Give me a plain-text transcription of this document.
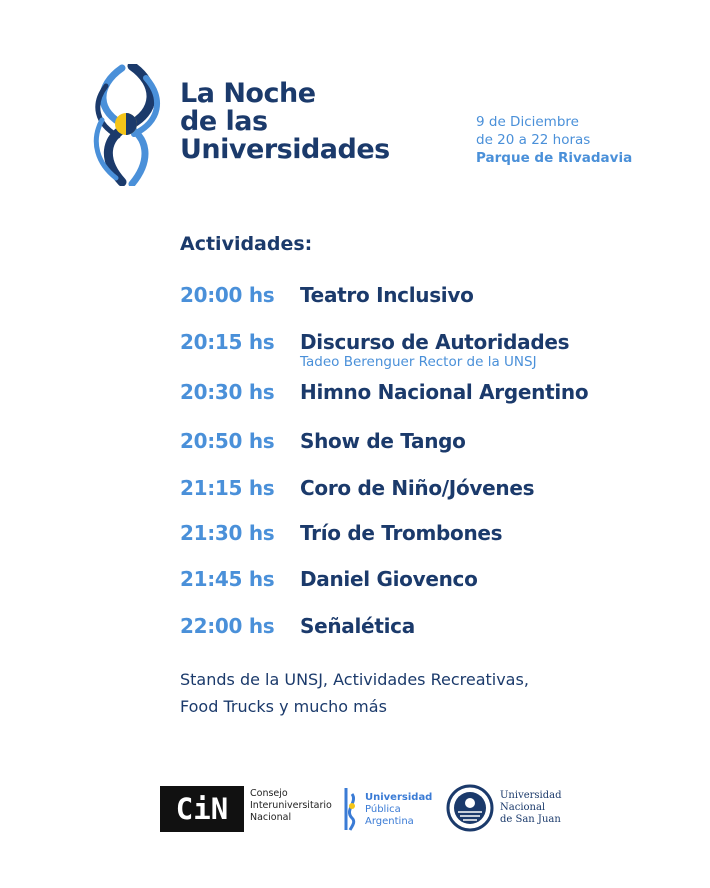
La Noche
de las
Universidades
9 de Diciembre
de 20 a 22 horas
Parque de Rivadavia
Actividades:
20:00 hs Teatro Inclusivo
20:15 hs Discurso de Autoridades
Tadeo Berenguer Rector de la UNSJ
20:30 hs Himno Nacional Argentino
20:50 hs Show de Tango
21:15 hs Coro de Niño/Jóvenes
21:30 hs Trío de Trombones
21:45 hs Daniel Giovenco
22:00 hs Señalética
Stands de la UNSJ, Actividades Recreativas,
Food Trucks y mucho más
CiN	Consejo
Interuniversitario
Nacional
Universidad
Pública
Argentina
Universidad
Nacional
de San Juan
